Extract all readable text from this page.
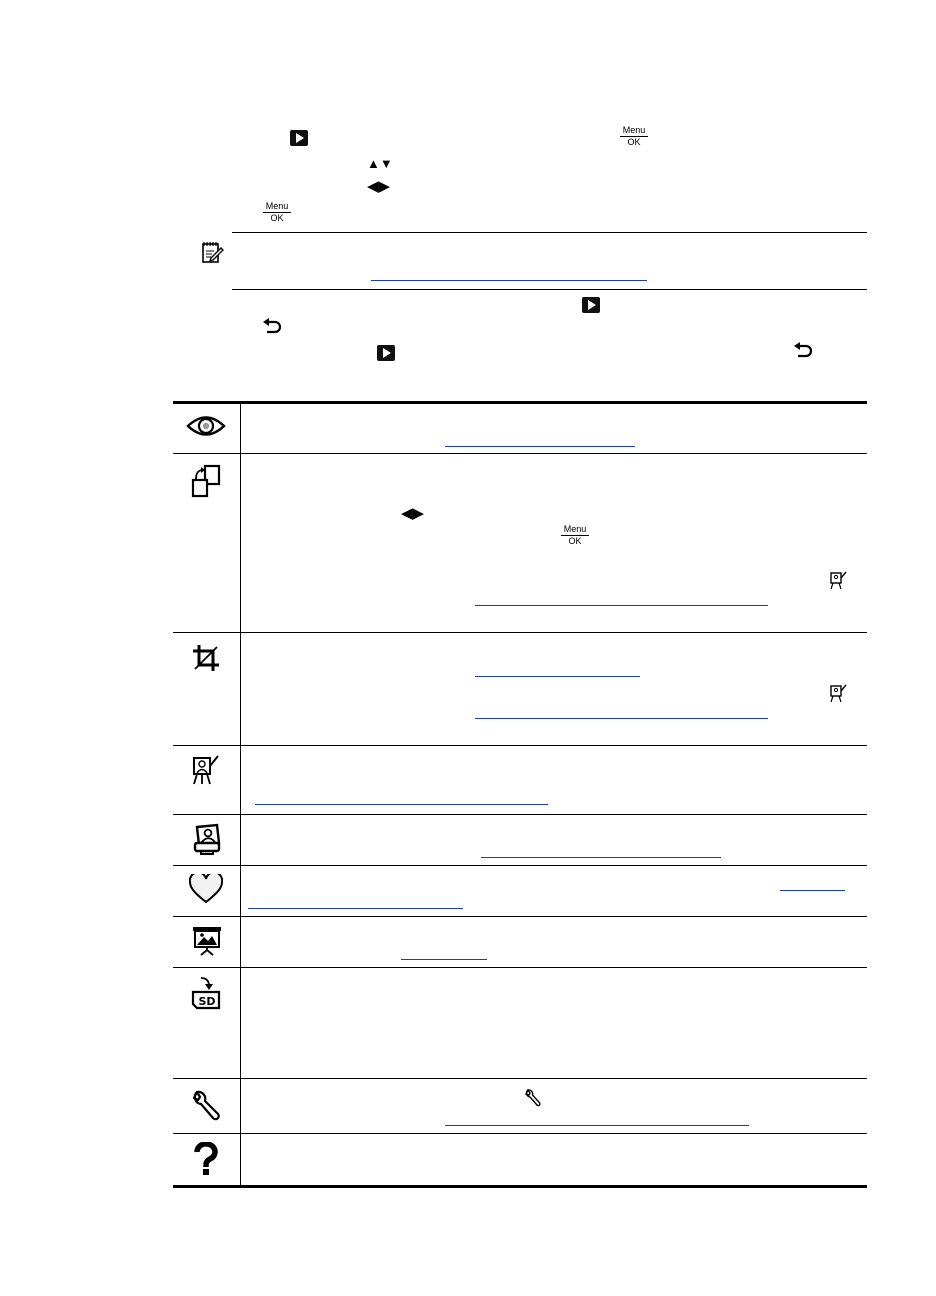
Menu
OK
▲▼
◀▶
Menu
OK
◀▶
Menu
OK
SD
